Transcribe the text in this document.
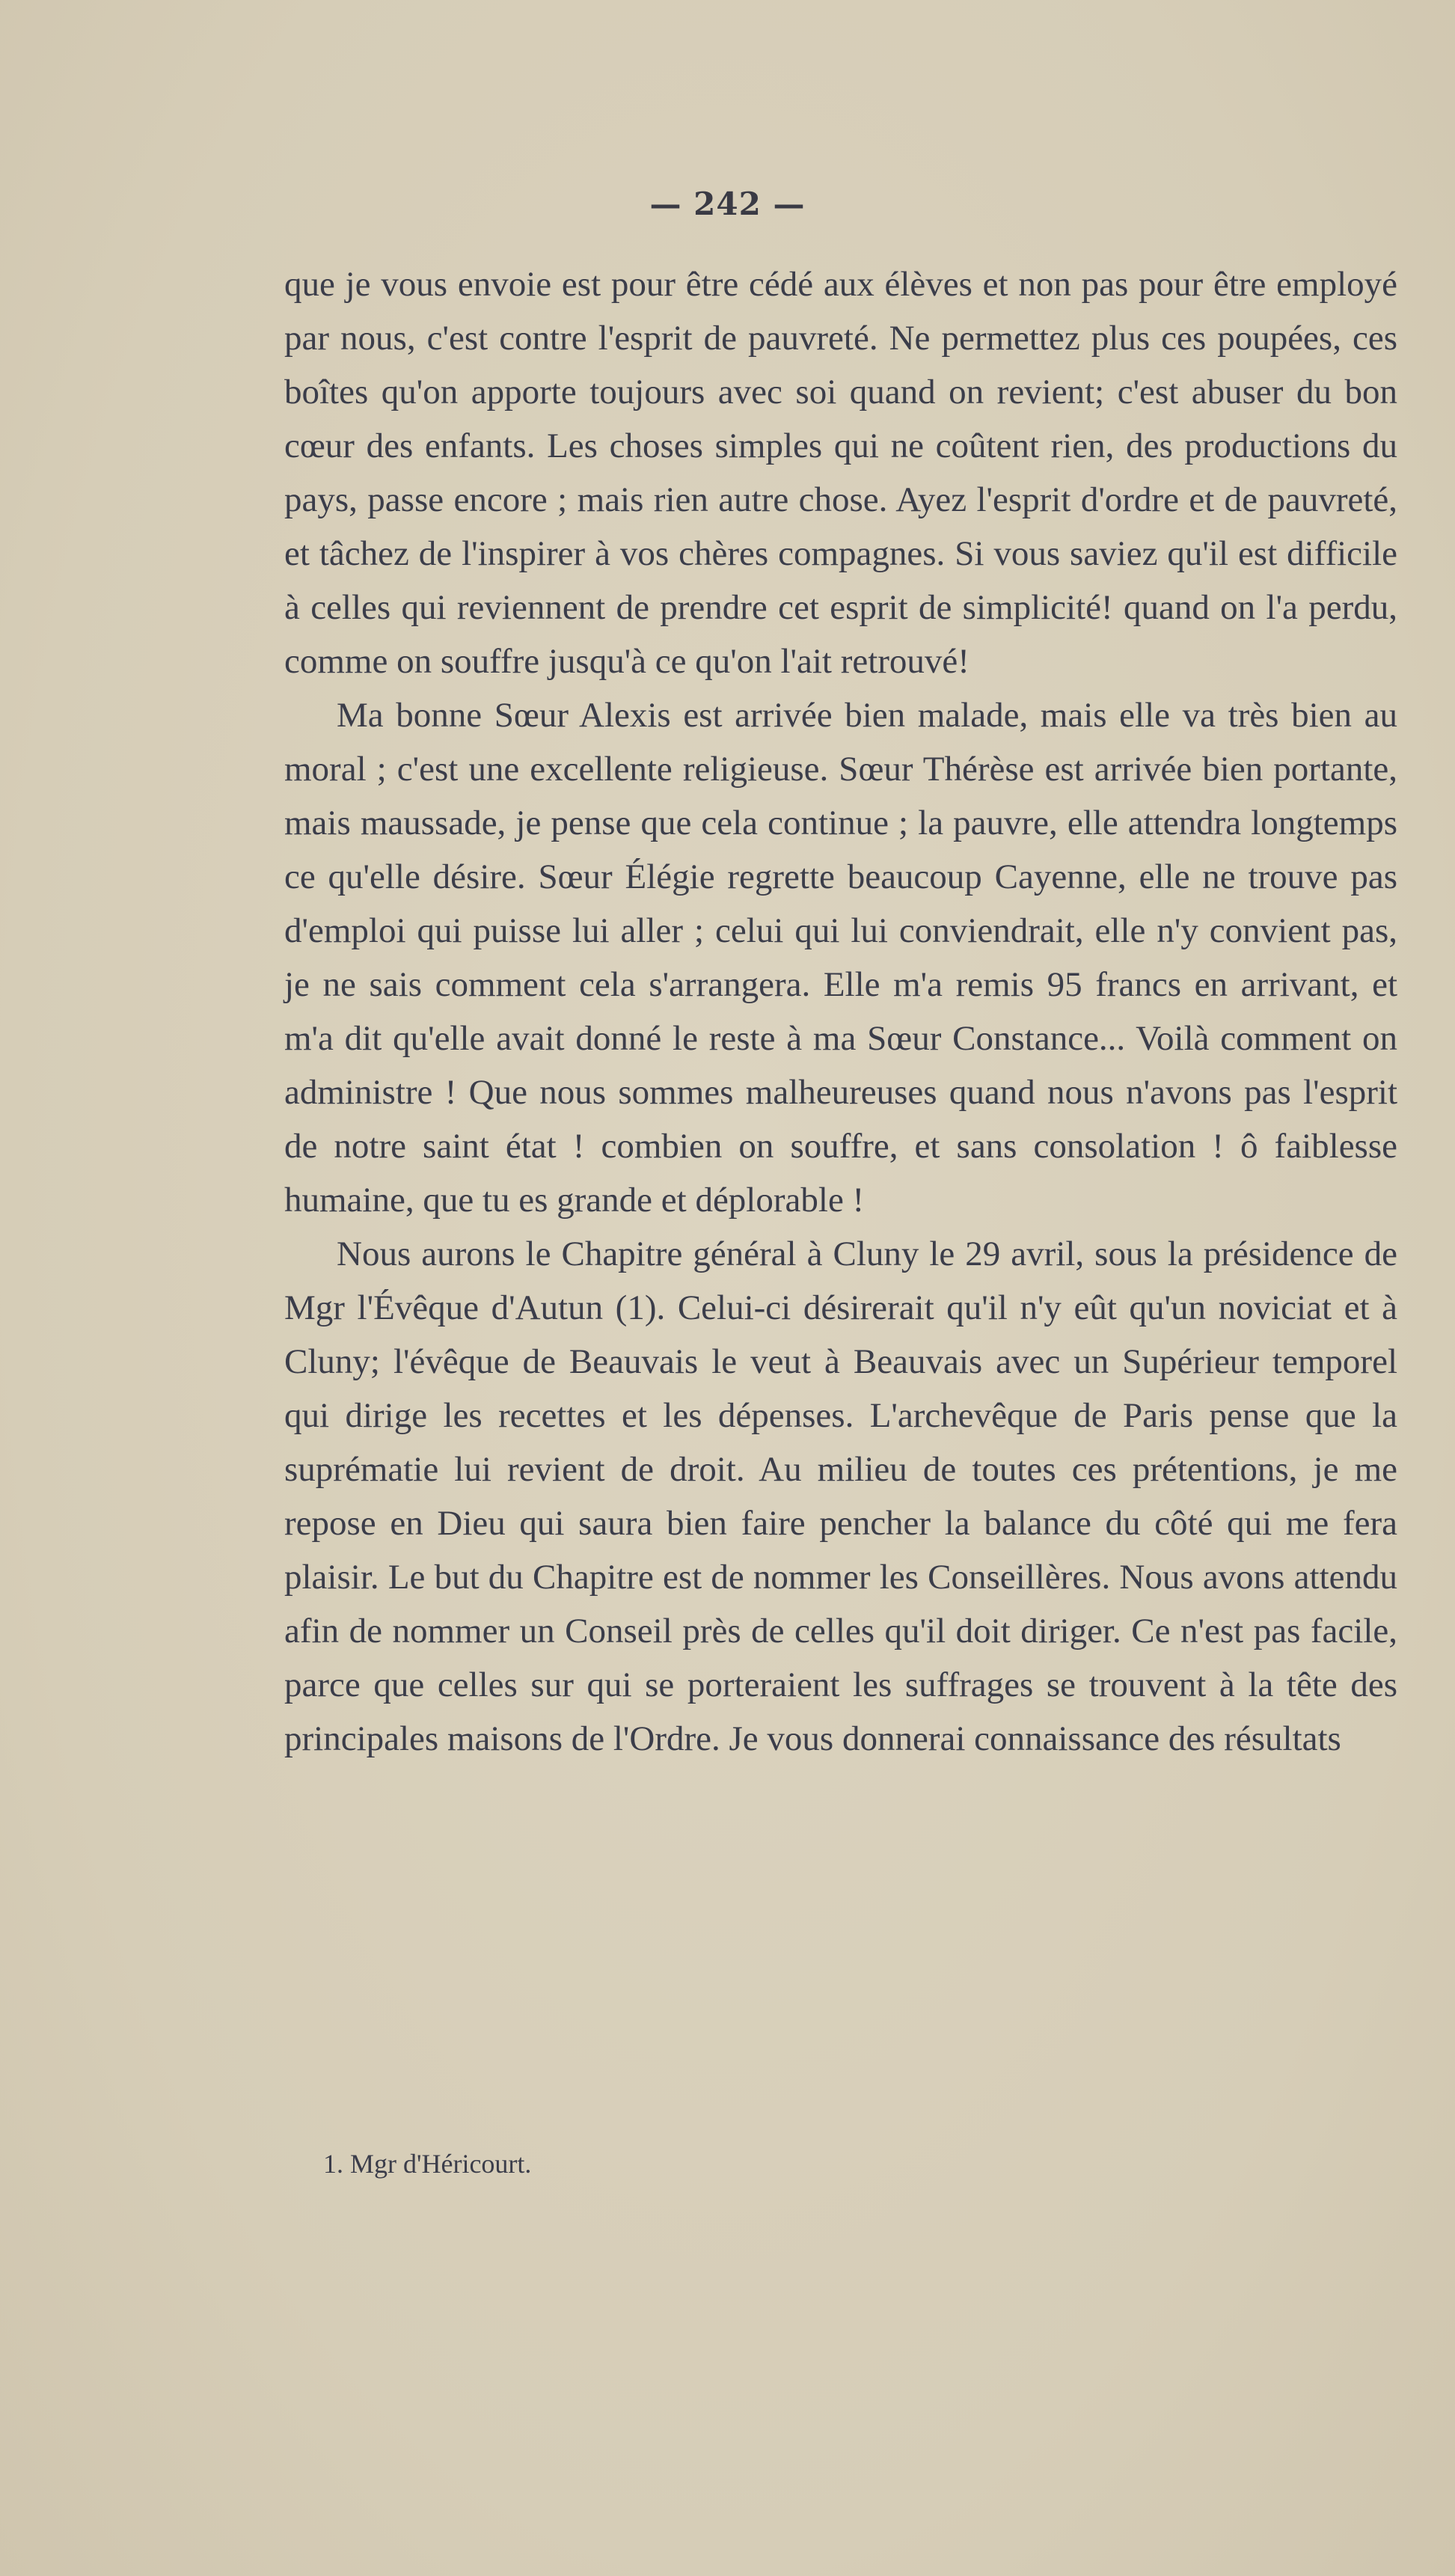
— 242 —

que je vous envoie est pour être cédé aux élèves et non pas pour être employé par nous, c'est contre l'esprit de pauvreté. Ne permettez plus ces poupées, ces boîtes qu'on apporte toujours avec soi quand on revient; c'est abuser du bon cœur des enfants. Les choses simples qui ne coûtent rien, des productions du pays, passe encore ; mais rien autre chose. Ayez l'esprit d'ordre et de pauvreté, et tâchez de l'inspirer à vos chères compagnes. Si vous saviez qu'il est difficile à celles qui reviennent de prendre cet esprit de simplicité! quand on l'a perdu, comme on souffre jusqu'à ce qu'on l'ait retrouvé!

Ma bonne Sœur Alexis est arrivée bien malade, mais elle va très bien au moral ; c'est une excellente religieuse. Sœur Thérèse est arrivée bien portante, mais maussade, je pense que cela continue ; la pauvre, elle attendra longtemps ce qu'elle désire. Sœur Élégie regrette beaucoup Cayenne, elle ne trouve pas d'emploi qui puisse lui aller ; celui qui lui conviendrait, elle n'y convient pas, je ne sais comment cela s'arrangera. Elle m'a remis 95 francs en arrivant, et m'a dit qu'elle avait donné le reste à ma Sœur Constance... Voilà comment on administre ! Que nous sommes malheureuses quand nous n'avons pas l'esprit de notre saint état ! combien on souffre, et sans consolation ! ô faiblesse humaine, que tu es grande et déplorable !

Nous aurons le Chapitre général à Cluny le 29 avril, sous la présidence de Mgr l'Évêque d'Autun (1). Celui-ci désirerait qu'il n'y eût qu'un noviciat et à Cluny; l'évêque de Beauvais le veut à Beauvais avec un Supérieur temporel qui dirige les recettes et les dépenses. L'archevêque de Paris pense que la suprématie lui revient de droit. Au milieu de toutes ces prétentions, je me repose en Dieu qui saura bien faire pencher la balance du côté qui me fera plaisir. Le but du Chapitre est de nommer les Conseillères. Nous avons attendu afin de nommer un Conseil près de celles qu'il doit diriger. Ce n'est pas facile, parce que celles sur qui se porteraient les suffrages se trouvent à la tête des principales maisons de l'Ordre. Je vous donnerai connaissance des résultats

1. Mgr d'Héricourt.
